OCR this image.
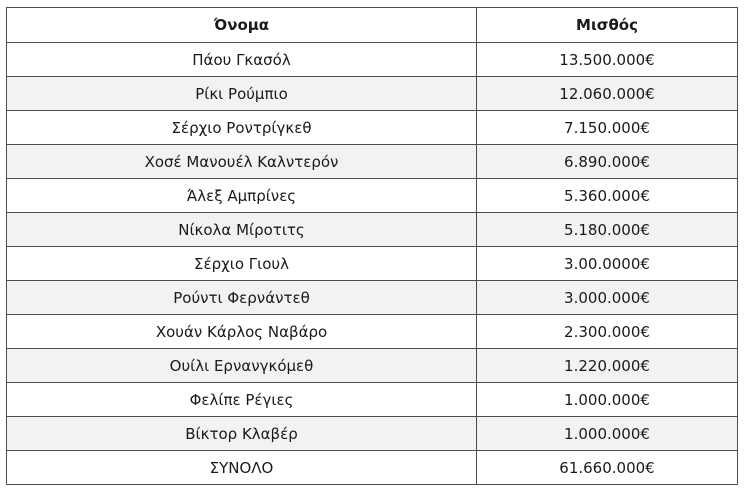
Όνομα	Μισθός
Πάου Γκασόλ	13.500.000€
Ρίκι Ρούμπιο	12.060.000€
Σέρχιο Ροντρίγκεθ	7.150.000€
Χοσέ Μανουέλ Καλντερόν	6.890.000€
Άλεξ Αμπρίνες	5.360.000€
Νίκολα Μίροτιτς	5.180.000€
Σέρχιο Γιουλ	3.00.0000€
Ρούντι Φερνάντεθ	3.000.000€
Χουάν Κάρλος Ναβάρο	2.300.000€
Ουίλι Ερνανγκόμεθ	1.220.000€
Φελίπε Ρέγιες	1.000.000€
Βίκτορ Κλαβέρ	1.000.000€
ΣΥΝΟΛΟ	61.660.000€
